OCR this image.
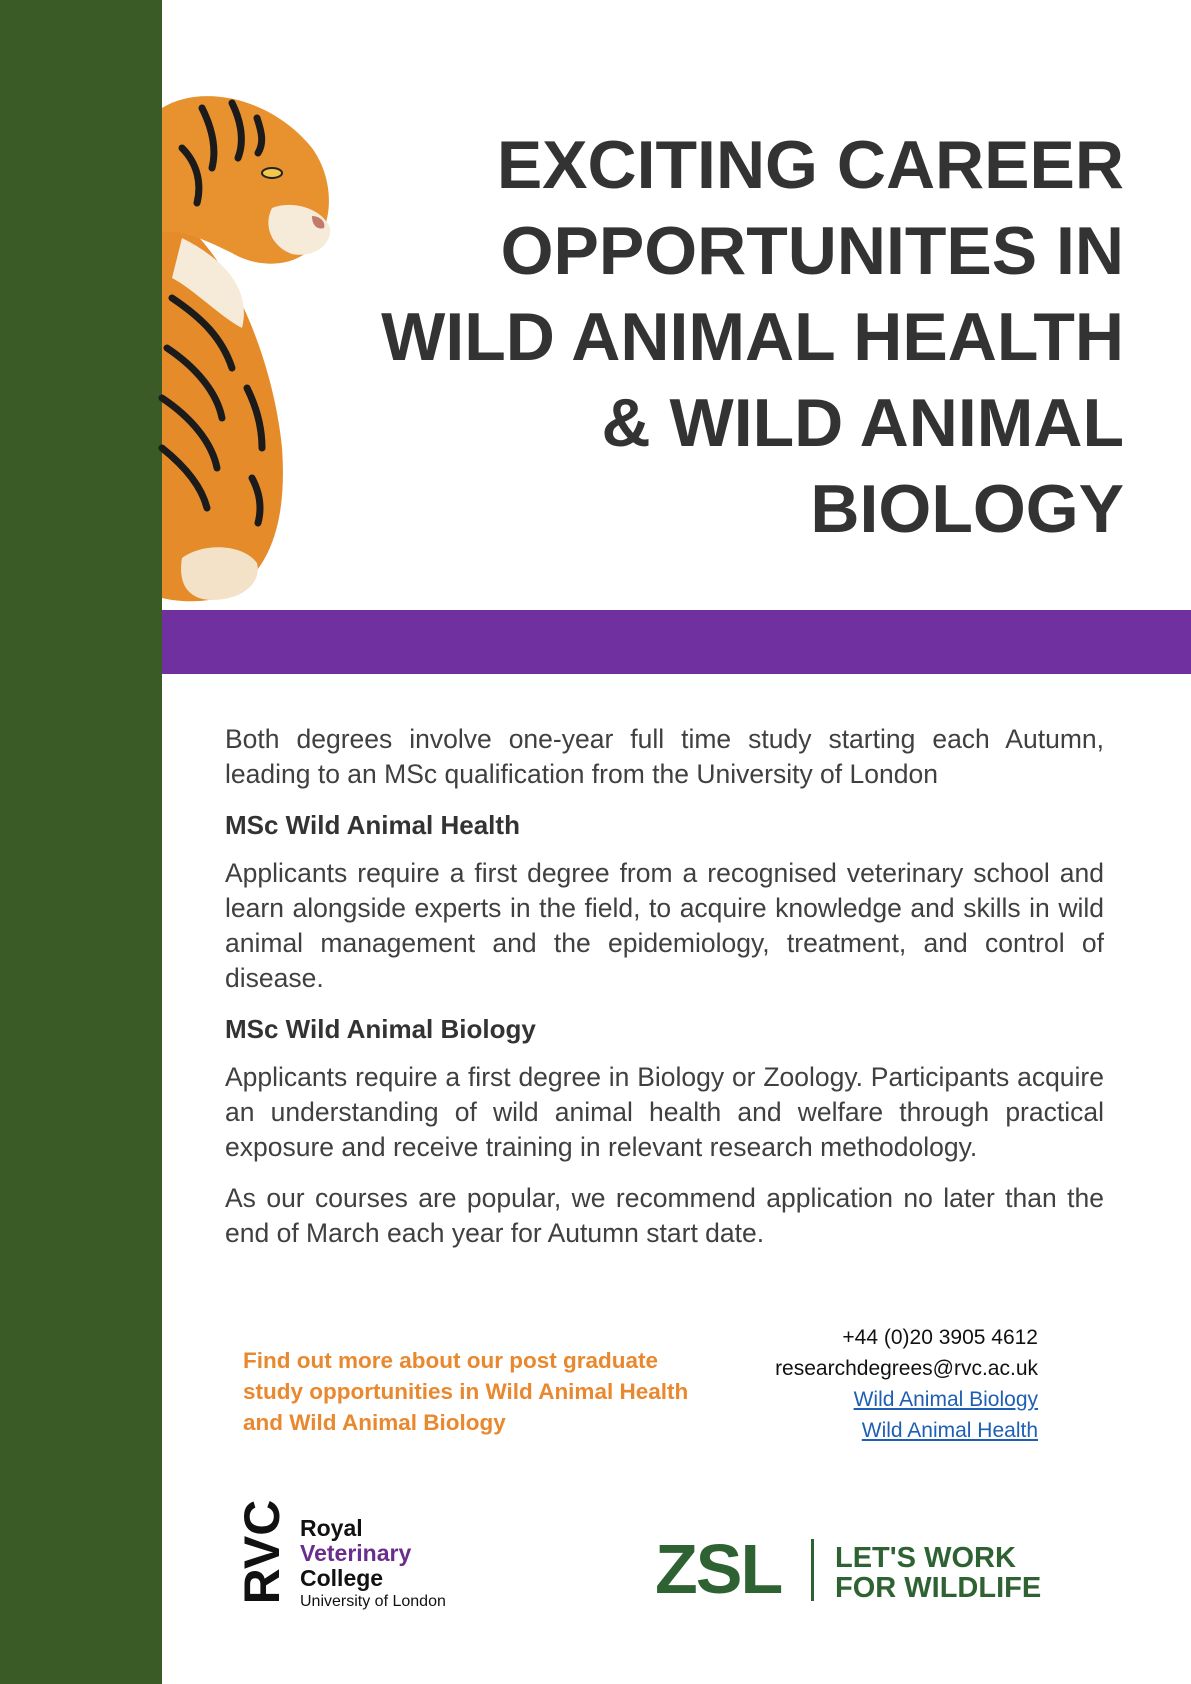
EXCITING CAREER
OPPORTUNITES IN
WILD ANIMAL HEALTH
& WILD ANIMAL
BIOLOGY

Both degrees involve one-year full time study starting each Autumn, leading to an MSc qualification from the University of London

MSc Wild Animal Health

Applicants require a first degree from a recognised veterinary school and learn alongside experts in the field, to acquire knowledge and skills in wild animal management and the epidemiology, treatment, and control of disease.

MSc Wild Animal Biology

Applicants require a first degree in Biology or Zoology. Participants acquire an understanding of wild animal health and welfare through practical exposure and receive training in relevant research methodology.

As our courses are popular, we recommend application no later than the end of March each year for Autumn start date.

Find out more about our post graduate study opportunities in Wild Animal Health and Wild Animal Biology

+44 (0)20 3905 4612
researchdegrees@rvc.ac.uk
Wild Animal Biology
Wild Animal Health
RVC Royal
Veterinary
College
University of London	ZSL LET'S WORK
FOR WILDLIFE
